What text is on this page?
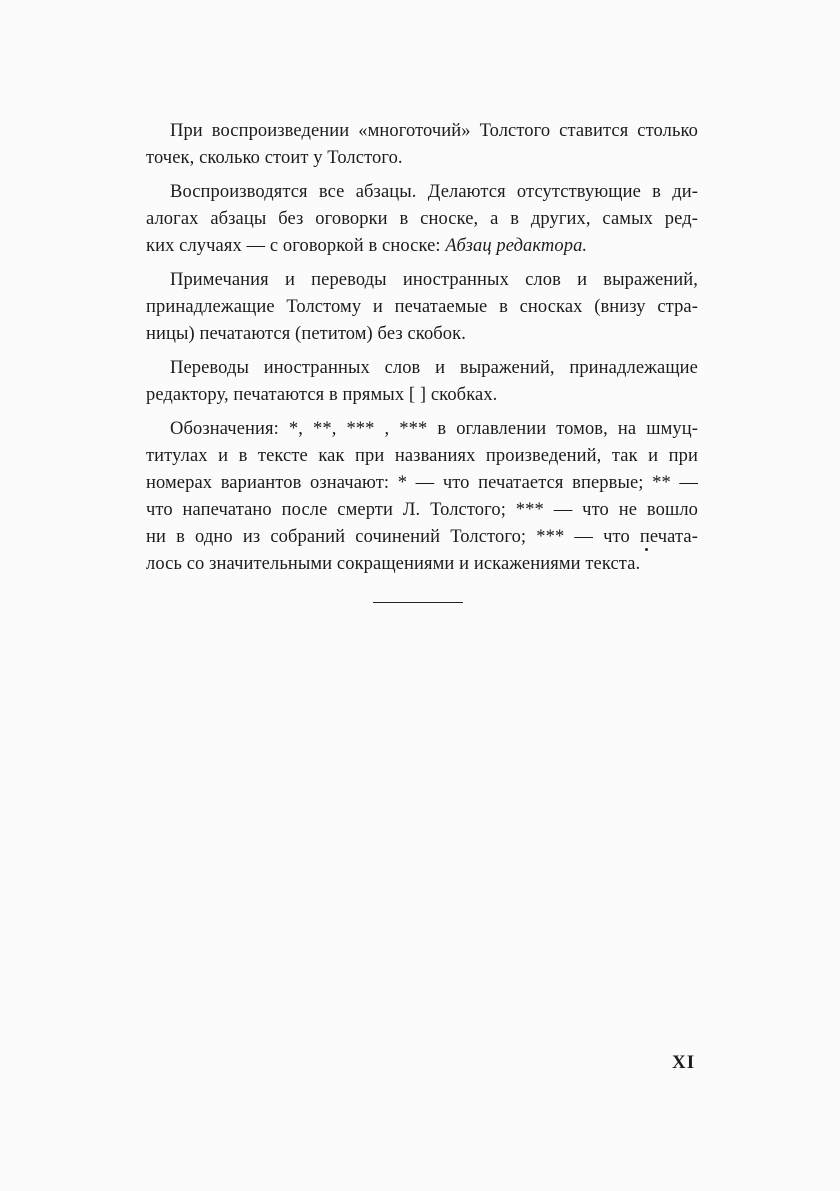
При воспроизведении «многоточий» Толстого ставится столько
точек, сколько стоит у Толстого.

Воспроизводятся все абзацы. Делаются отсутствующие в ди-
алогах абзацы без оговорки в сноске, а в других, самых ред-
ких случаях — с оговоркой в сноске: Абзац редактора.

Примечания и переводы иностранных слов и выражений,
принадлежащие Толстому и печатаемые в сносках (внизу стра-
ницы) печатаются (петитом) без скобок.

Переводы иностранных слов и выражений, принадлежащие
редактору, печатаются в прямых [ ] скобках.

Обозначения: *, **, *** , *** в оглавлении томов, на шмуц-
титулах и в тексте как при названиях произведений, так и при
номерах вариантов означают: * — что печатается впервые; ** —
что напечатано после смерти Л. Толстого; *** — что не вошло
ни в одно из собраний сочинений Толстого; *** — что печата-
лось со значительными сокращениями и искажениями текста.

XI
